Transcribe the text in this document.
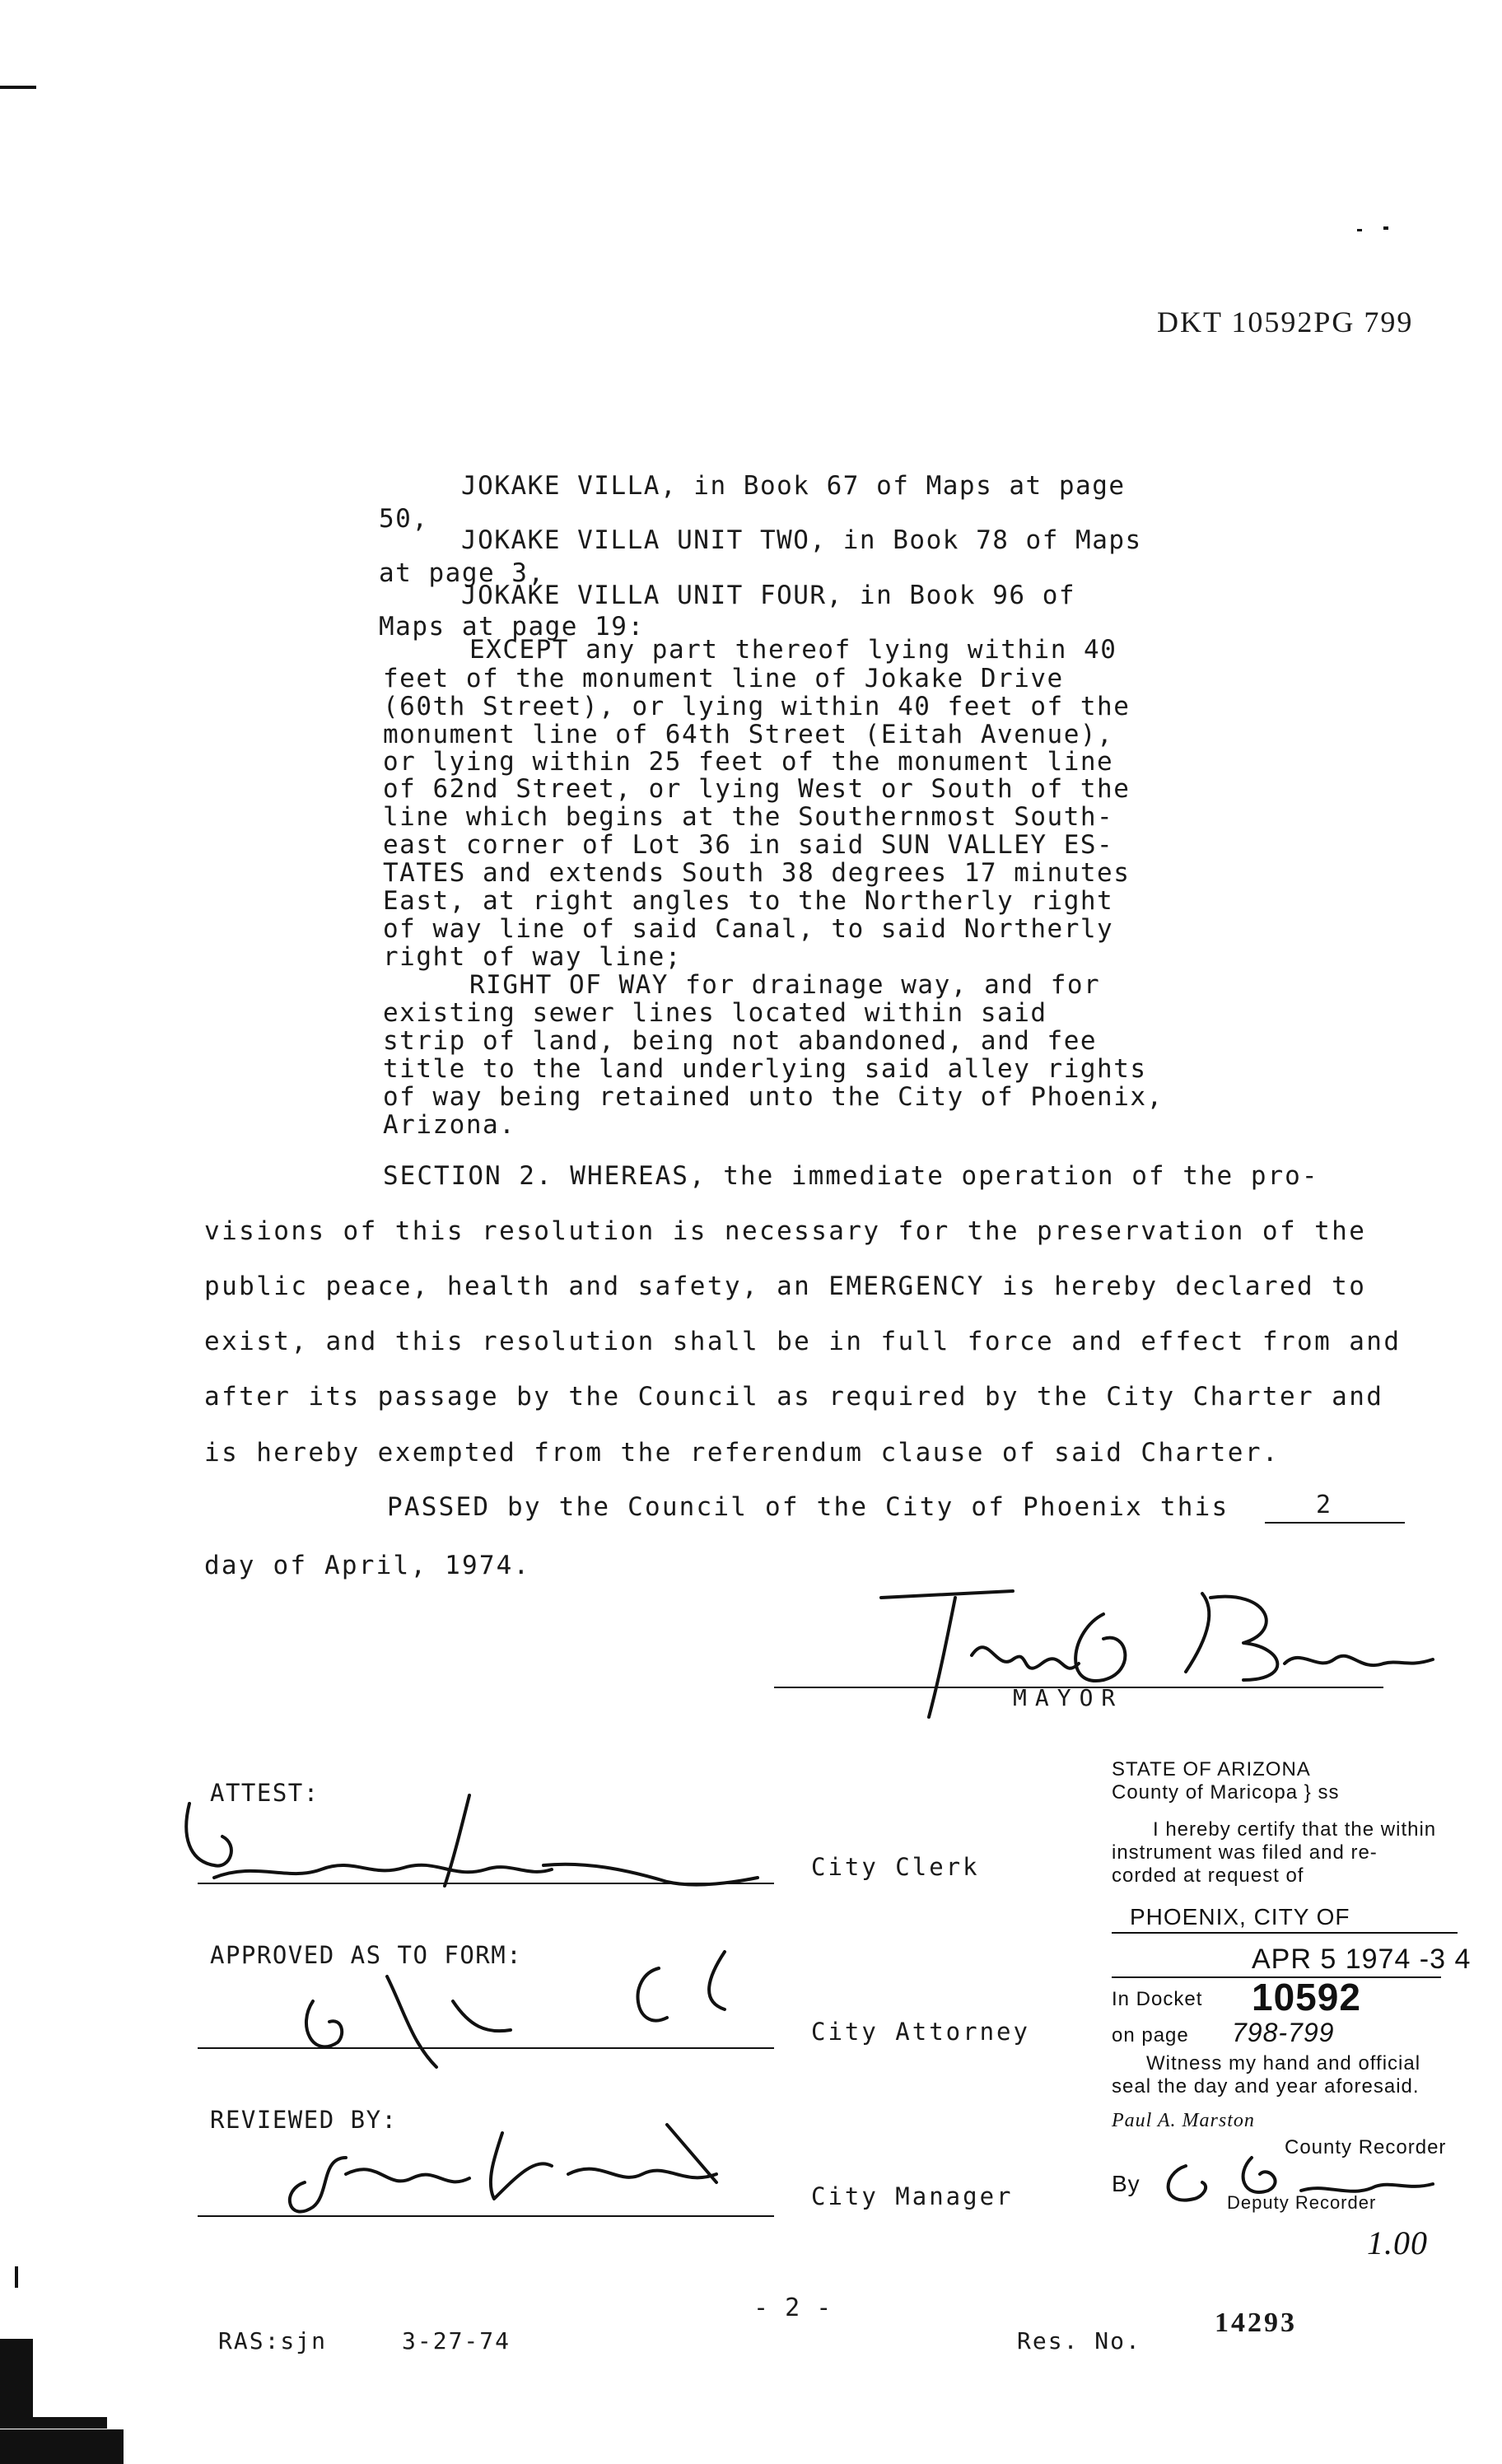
DKT 10592PG 799
JOKAKE VILLA, in Book 67 of Maps at page
50,
JOKAKE VILLA UNIT TWO, in Book 78 of Maps
at page 3,
JOKAKE VILLA UNIT FOUR, in Book 96 of
Maps at page 19:
EXCEPT any part thereof lying within 40
feet of the monument line of Jokake Drive
(60th Street), or lying within 40 feet of the
monument line of 64th Street (Eitah Avenue),
or lying within 25 feet of the monument line
of 62nd Street, or lying West or South of the
line which begins at the Southernmost South-
east corner of Lot 36 in said SUN VALLEY ES-
TATES and extends South 38 degrees 17 minutes
East, at right angles to the Northerly right
of way line of said Canal, to said Northerly
right of way line;
RIGHT OF WAY for drainage way, and for
existing sewer lines located within said
strip of land, being not abandoned, and fee
title to the land underlying said alley rights
of way being retained unto the City of Phoenix,
Arizona.
SECTION 2. WHEREAS, the immediate operation of the pro-
visions of this resolution is necessary for the preservation of the
public peace, health and safety, an EMERGENCY is hereby declared to
exist, and this resolution shall be in full force and effect from and
after its passage by the Council as required by the City Charter and
is hereby exempted from the referendum clause of said Charter.
PASSED by the Council of the City of Phoenix this	2
day of April, 1974.
MAYOR
ATTEST:
City Clerk
APPROVED AS TO FORM:
City Attorney
REVIEWED BY:
City Manager
STATE OF ARIZONA
County of Maricopa } ss
I hereby certify that the within
instrument was filed and re-
corded at request of
PHOENIX, CITY OF
APR 5 1974 -3 4
In Docket 10592
on page 798-799
Witness my hand and official
seal the day and year aforesaid.
Paul A. Marston
County Recorder
By
Deputy Recorder
1.00
- 2 -
RAS:sjn	3-27-74	Res. No.
14293
